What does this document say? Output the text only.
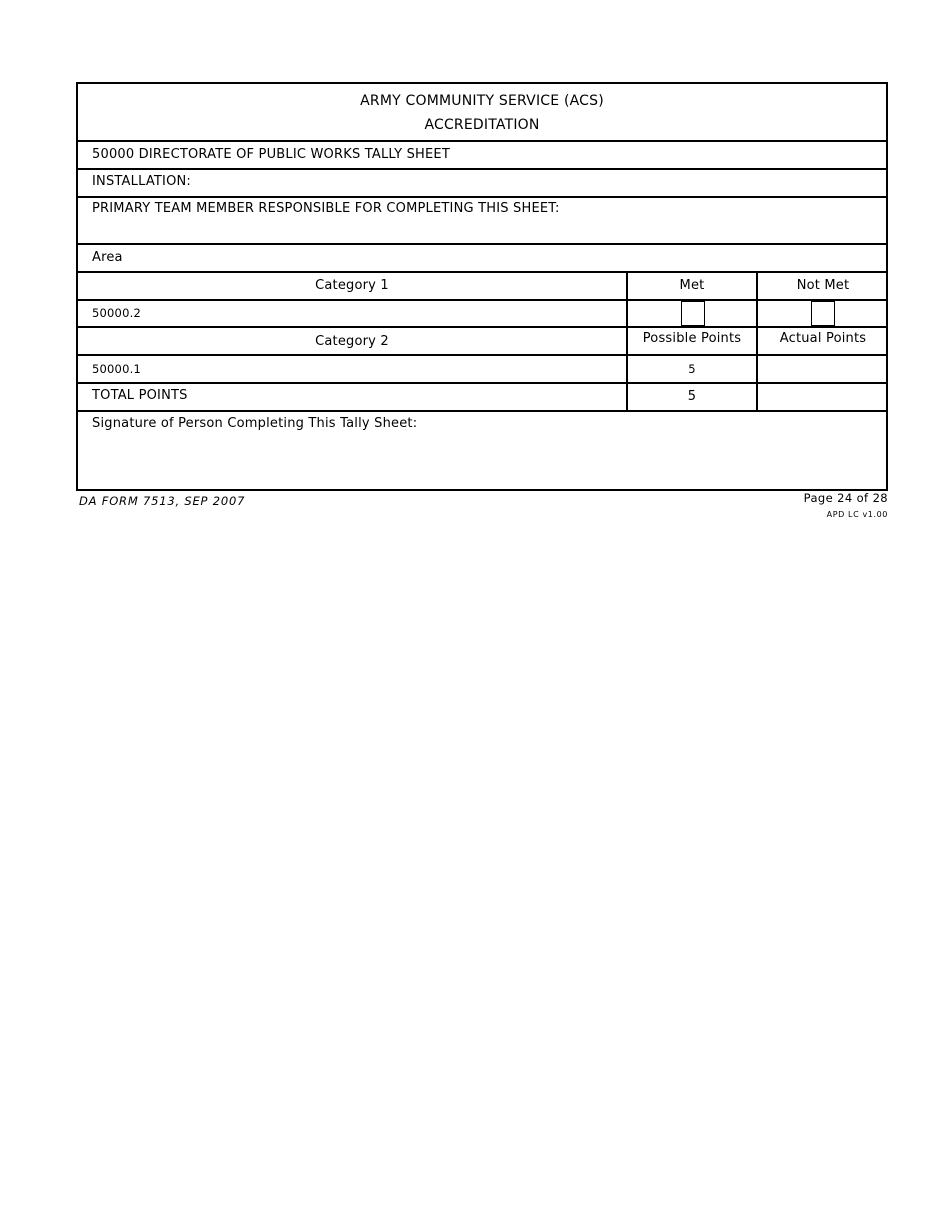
ARMY COMMUNITY SERVICE (ACS)
ACCREDITATION
50000 DIRECTORATE OF PUBLIC WORKS TALLY SHEET
INSTALLATION:
PRIMARY TEAM MEMBER RESPONSIBLE FOR COMPLETING THIS SHEET:
Area
Category 1	Met	Not Met
50000.2
Category 2	Possible Points	Actual Points
50000.1	5
TOTAL POINTS	5
Signature of Person Completing This Tally Sheet:
DA FORM 7513, SEP 2007	Page 24 of 28
APD LC v1.00
